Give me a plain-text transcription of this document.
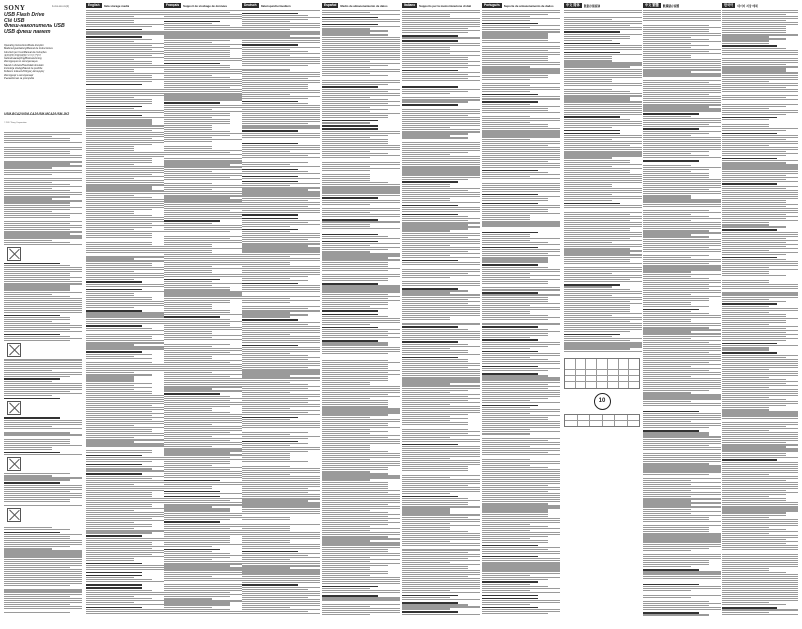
SONY	4-xxx-xxx-xx(1)
USB Flash Drive
Clé USB
Флеш-накопитель USB
USB флеш памет
Operating Instructions/Mode d'emploi
Bedienungsanleitung/Manual de instrucciones
Istruzioni per l'uso/Manual de instruções
使用说明书/使用說明書/사용설명서
Gebruiksaanwijzing/Bruksanvisning
Инструкция по эксплуатации
Návod k obsluze/Használati útmutató
Instrukcja obsługi/Návod na použitie
Kullanım kılavuzu/Οδηγίες λειτουργίας
Инструкції з експлуатації
Ръководство за употреба
USM-BCA2/USM-CA2/USM-MCA2/USM-JK2
© 2017 Sony Corporation
English	Data storage media	Français	Support de stockage de données	Deutsch	Datenspeichermedium	Español	Medio de almacenamiento de datos	Italiano	Supporto per la memorizzazione di dati	Português	Suporte de armazenamento de dados	中文 简体	数据存储媒体
10
中文 繁體	數據儲存媒體	한국어	데이터 저장 매체
